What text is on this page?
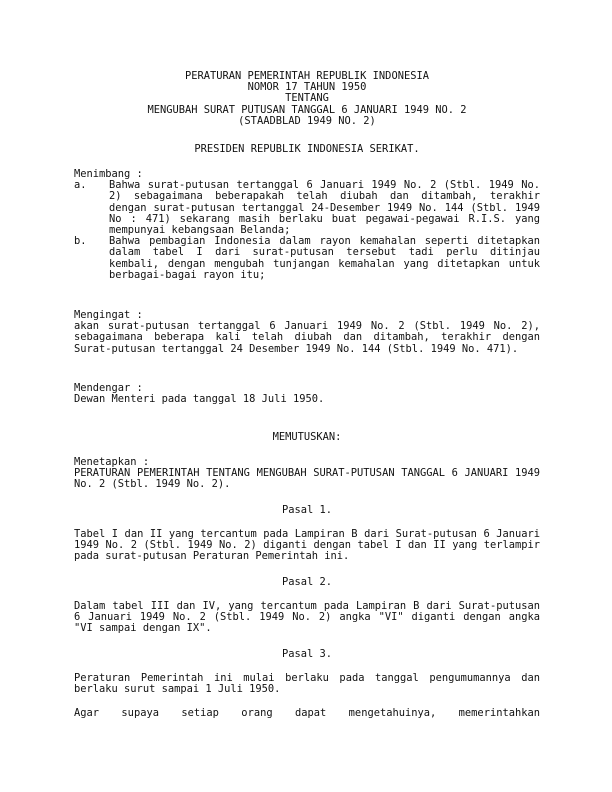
PERATURAN PEMERINTAH REPUBLIK INDONESIA
NOMOR 17 TAHUN 1950
TENTANG
MENGUBAH SURAT PUTUSAN TANGGAL 6 JANUARI 1949 NO. 2
(STAADBLAD 1949 NO. 2)
PRESIDEN REPUBLIK INDONESIA SERIKAT.
Menimbang :
a. Bahwa surat-putusan tertanggal 6 Januari 1949 No. 2 (Stbl. 1949 No. 2) sebagaimana beberapakah telah diubah dan ditambah, terakhir dengan surat-putusan tertanggal 24-Desember 1949 No. 144 (Stbl. 1949 No : 471) sekarang masih berlaku buat pegawai-pegawai R.I.S. yang mempunyai kebangsaan Belanda;
b. Bahwa pembagian Indonesia dalam rayon kemahalan seperti ditetapkan dalam tabel I dari surat-putusan tersebut tadi perlu ditinjau kembali, dengan mengubah tunjangan kemahalan yang ditetapkan untuk berbagai-bagai rayon itu;
Mengingat :
akan surat-putusan tertanggal 6 Januari 1949 No. 2 (Stbl. 1949 No. 2), sebagaimana beberapa kali telah diubah dan ditambah, terakhir dengan Surat-putusan tertanggal 24 Desember 1949 No. 144 (Stbl. 1949 No. 471).
Mendengar :
Dewan Menteri pada tanggal 18 Juli 1950.
MEMUTUSKAN:
Menetapkan :
PERATURAN PEMERINTAH TENTANG MENGUBAH SURAT-PUTUSAN TANGGAL 6 JANUARI 1949 No. 2 (Stbl. 1949 No. 2).
Pasal 1.
Tabel I dan II yang tercantum pada Lampiran B dari Surat-putusan 6 Januari 1949 No. 2 (Stbl. 1949 No. 2) diganti dengan tabel I dan II yang terlampir pada surat-putusan Peraturan Pemerintah ini.
Pasal 2.
Dalam tabel III dan IV, yang tercantum pada Lampiran B dari Surat-putusan 6 Januari 1949 No. 2 (Stbl. 1949 No. 2) angka "VI" diganti dengan angka "VI sampai dengan IX".
Pasal 3.
Peraturan Pemerintah ini mulai berlaku pada tanggal pengumumannya dan berlaku surut sampai 1 Juli 1950.
Agar supaya setiap orang dapat mengetahuinya, memerintahkan
